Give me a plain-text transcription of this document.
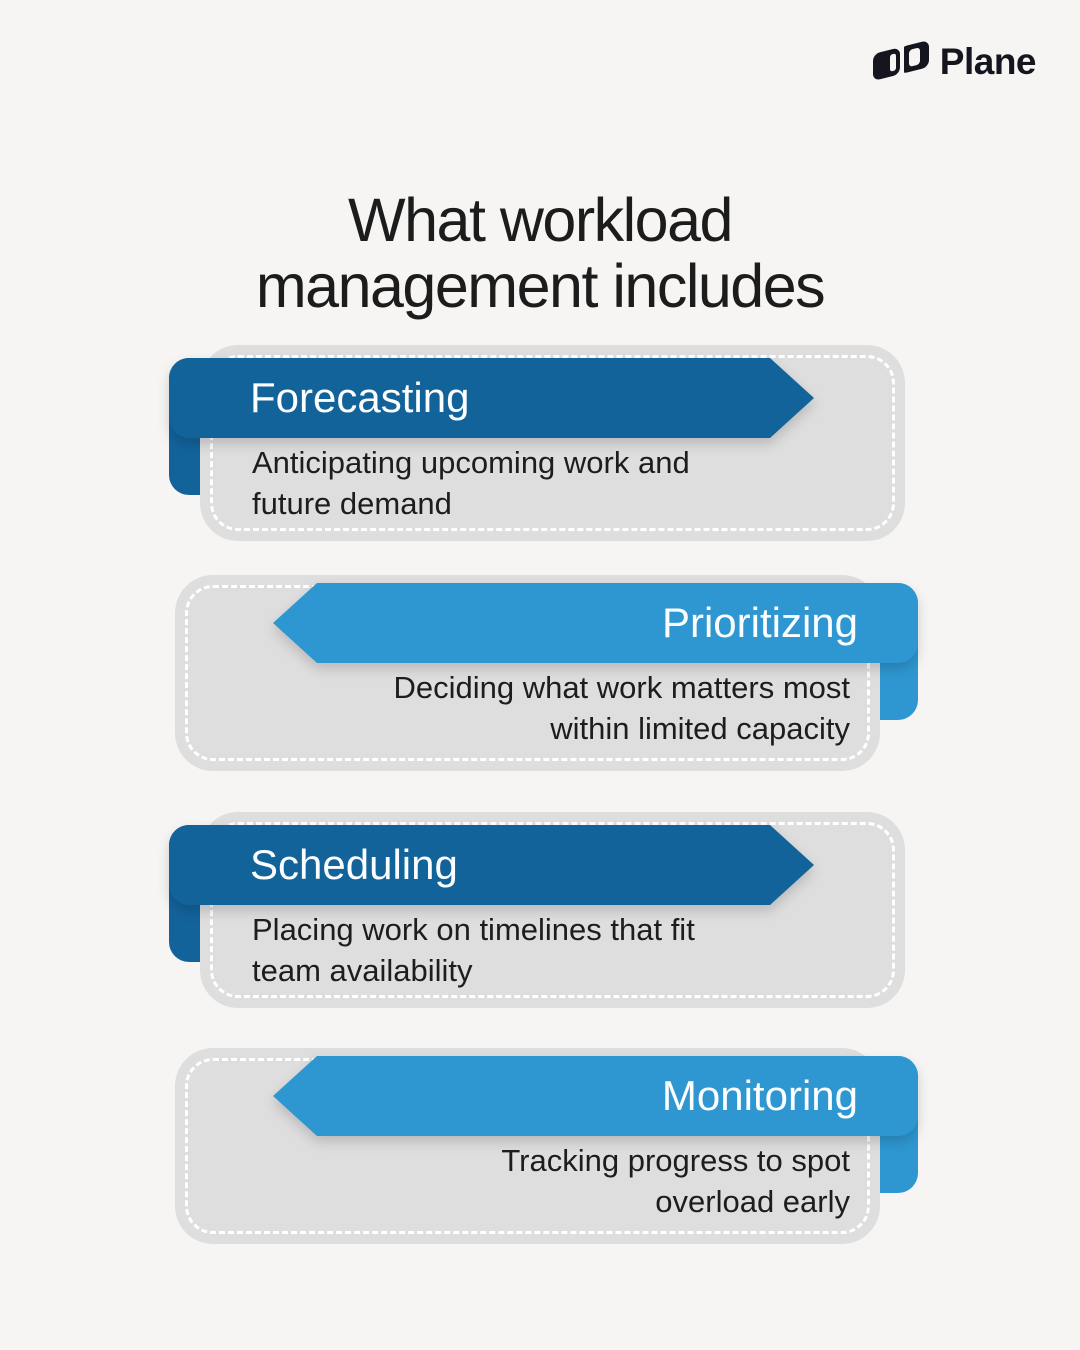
Plane
What workload
management includes
Forecasting

Anticipating upcoming work and
future demand

Prioritizing

Deciding what work matters most
within limited capacity

Scheduling

Placing work on timelines that fit
team availability

Monitoring

Tracking progress to spot
overload early
